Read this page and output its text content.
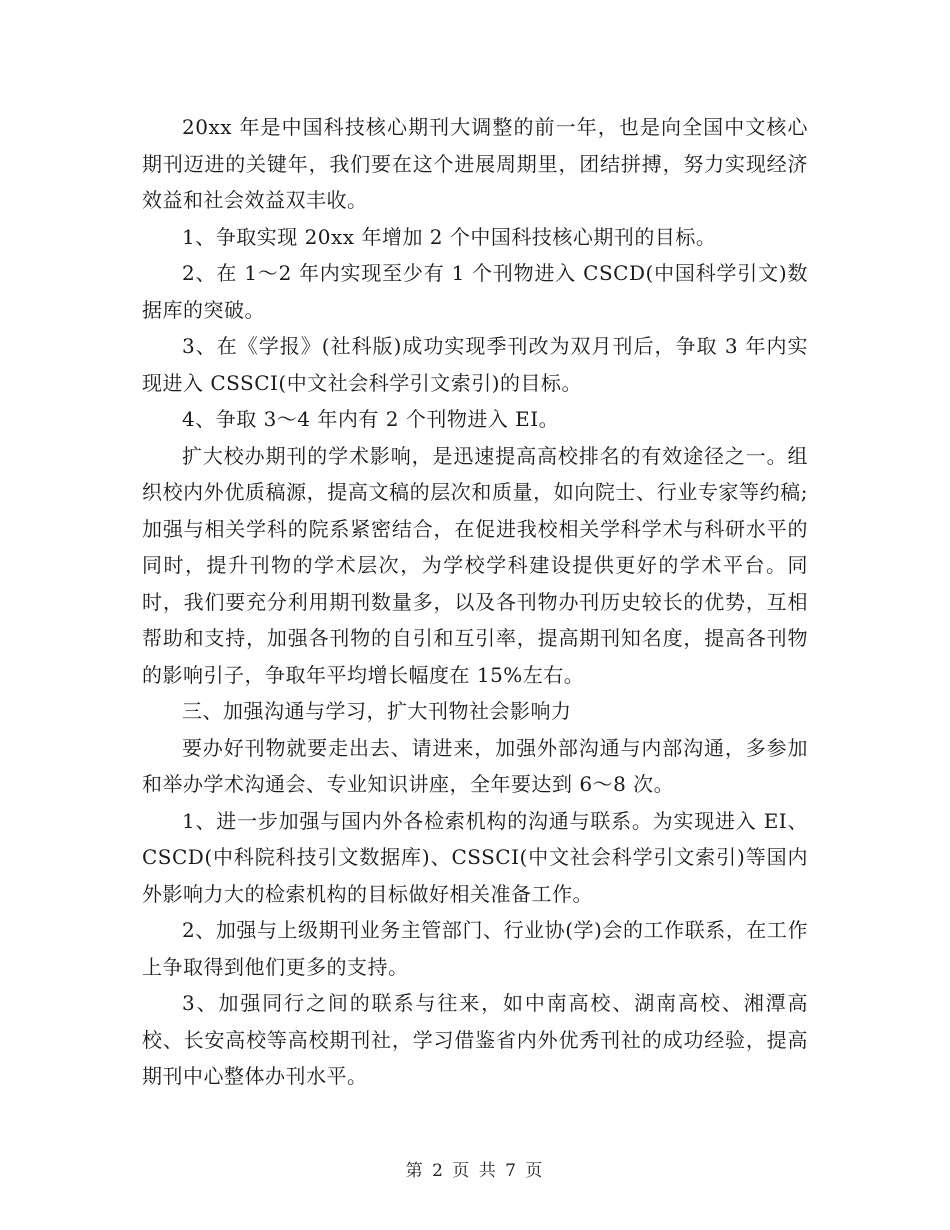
20xx 年是中国科技核心期刊大调整的前一年，也是向全国中文核心期刊迈进的关键年，我们要在这个进展周期里，团结拼搏，努力实现经济效益和社会效益双丰收。

1、争取实现 20xx 年增加 2 个中国科技核心期刊的目标。

2、在 1～2 年内实现至少有 1 个刊物进入 CSCD(中国科学引文)数据库的突破。

3、在《学报》(社科版)成功实现季刊改为双月刊后，争取 3 年内实现进入 CSSCI(中文社会科学引文索引)的目标。

4、争取 3～4 年内有 2 个刊物进入 EI。

扩大校办期刊的学术影响，是迅速提高高校排名的有效途径之一。组织校内外优质稿源，提高文稿的层次和质量，如向院士、行业专家等约稿;加强与相关学科的院系紧密结合，在促进我校相关学科学术与科研水平的同时，提升刊物的学术层次，为学校学科建设提供更好的学术平台。同时，我们要充分利用期刊数量多，以及各刊物办刊历史较长的优势，互相帮助和支持，加强各刊物的自引和互引率，提高期刊知名度，提高各刊物的影响引子，争取年平均增长幅度在 15%左右。

三、加强沟通与学习，扩大刊物社会影响力

要办好刊物就要走出去、请进来，加强外部沟通与内部沟通，多参加和举办学术沟通会、专业知识讲座，全年要达到 6～8 次。

1、进一步加强与国内外各检索机构的沟通与联系。为实现进入 EI、CSCD(中科院科技引文数据库)、CSSCI(中文社会科学引文索引)等国内外影响力大的检索机构的目标做好相关准备工作。

2、加强与上级期刊业务主管部门、行业协(学)会的工作联系，在工作上争取得到他们更多的支持。

3、加强同行之间的联系与往来，如中南高校、湖南高校、湘潭高校、长安高校等高校期刊社，学习借鉴省内外优秀刊社的成功经验，提高期刊中心整体办刊水平。

第 2 页 共 7 页
